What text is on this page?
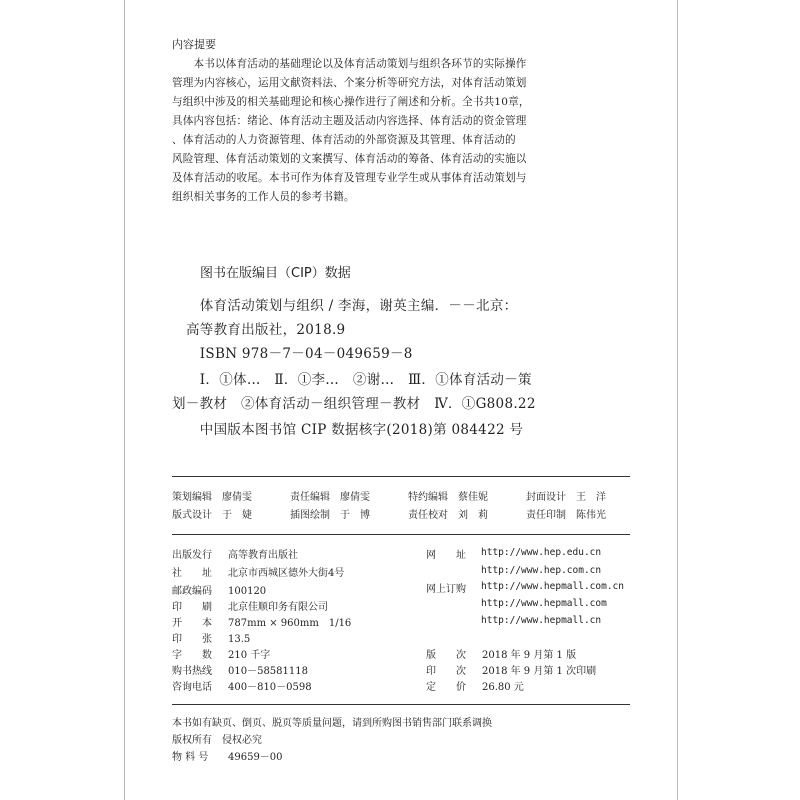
内容提要
　　本书以体育活动的基础理论以及体育活动策划与组织各环节的实际操作
管理为内容核心，运用文献资料法、个案分析等研究方法，对体育活动策划
与组织中涉及的相关基础理论和核心操作进行了阐述和分析。全书共10章，
具体内容包括：绪论、体育活动主题及活动内容选择、体育活动的资金管理
、体育活动的人力资源管理、体育活动的外部资源及其管理、体育活动的
风险管理、体育活动策划的文案撰写、体育活动的筹备、体育活动的实施以
及体育活动的收尾。本书可作为体育及管理专业学生或从事体育活动策划与
组织相关事务的工作人员的参考书籍。
图书在版编目（CIP）数据
　体育活动策划与组织 / 李海，谢英主编．－－北京：
高等教育出版社，2018.9
　ISBN 978－7－04－049659－8
　Ⅰ．①体…　Ⅱ．①李…　②谢…　Ⅲ．①体育活动－策
划－教材　②体育活动－组织管理－教材　Ⅳ．①G808.22
　中国版本图书馆 CIP 数据核字(2018)第 084422 号
策划编辑　 廖倩雯	责任编辑　 廖倩雯	特约编辑　 蔡佳妮	封面设计　 王　洋
版式设计　 于　婕	插图绘制　 于　博	责任校对　 刘　莉	责任印制　 陈伟光
出版发行 高等教育出版社
社　　址 北京市西城区德外大街4号
邮政编码 100120
印　　刷 北京佳顺印务有限公司
开　　本 787mm × 960mm　1/16
印　　张 13.5
字　　数 210 千字
购书热线 010－58581118
咨询电话 400－810－0598
网　　址 http://www.hep.edu.cn
http://www.hep.com.cn
网上订购 http://www.hepmall.com.cn
http://www.hepmall.com
http://www.hepmall.cn
版　　次 2018 年 9 月第 1 版
印　　次 2018 年 9 月第 1 次印刷
定　　价 26.80 元
本书如有缺页、倒页、脱页等质量问题，请到所购图书销售部门联系调换
版权所有　侵权必究
物 料 号 49659－00
